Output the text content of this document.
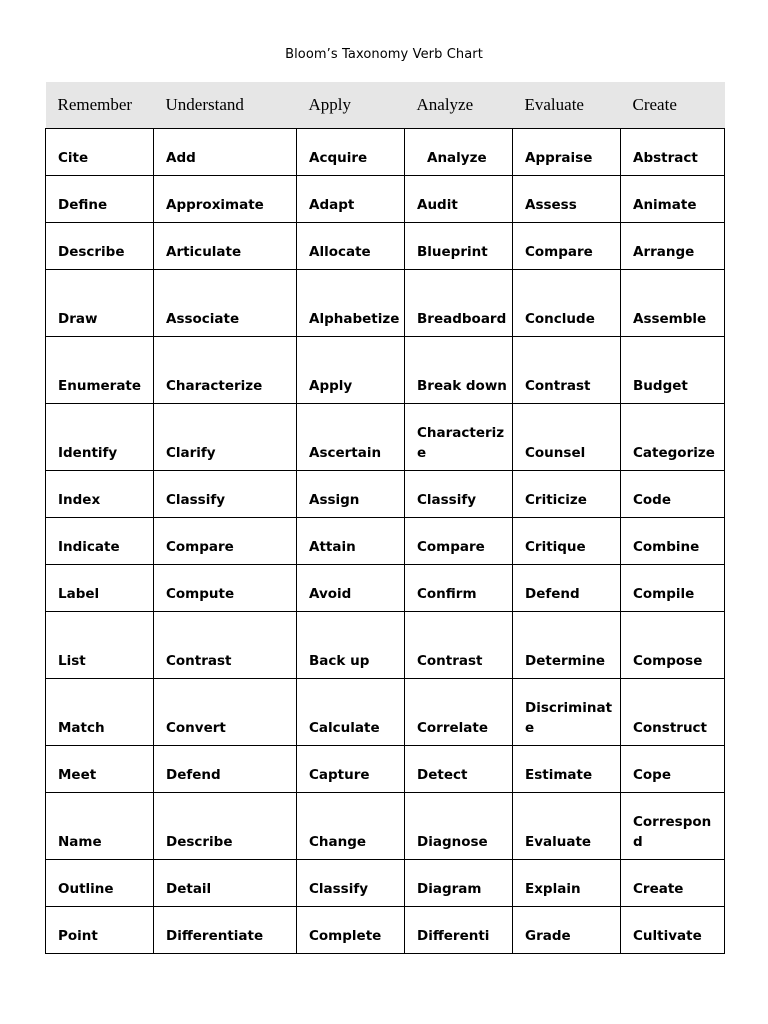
Bloom’s Taxonomy Verb Chart
Remember	Understand	Apply	Analyze	Evaluate	Create
Cite	Add	Acquire	Analyze	Appraise	Abstract
Define	Approximate	Adapt	Audit	Assess	Animate
Describe	Articulate	Allocate	Blueprint	Compare	Arrange
Draw	Associate	Alphabetize	Breadboard	Conclude	Assemble
Enumerate	Characterize	Apply	Break down	Contrast	Budget
Identify	Clarify	Ascertain	Characterize	Counsel	Categorize
Index	Classify	Assign	Classify	Criticize	Code
Indicate	Compare	Attain	Compare	Critique	Combine
Label	Compute	Avoid	Confirm	Defend	Compile
List	Contrast	Back up	Contrast	Determine	Compose
Match	Convert	Calculate	Correlate	Discriminate	Construct
Meet	Defend	Capture	Detect	Estimate	Cope
Name	Describe	Change	Diagnose	Evaluate	Correspond
Outline	Detail	Classify	Diagram	Explain	Create
Point	Differentiate	Complete	Differenti	Grade	Cultivate
